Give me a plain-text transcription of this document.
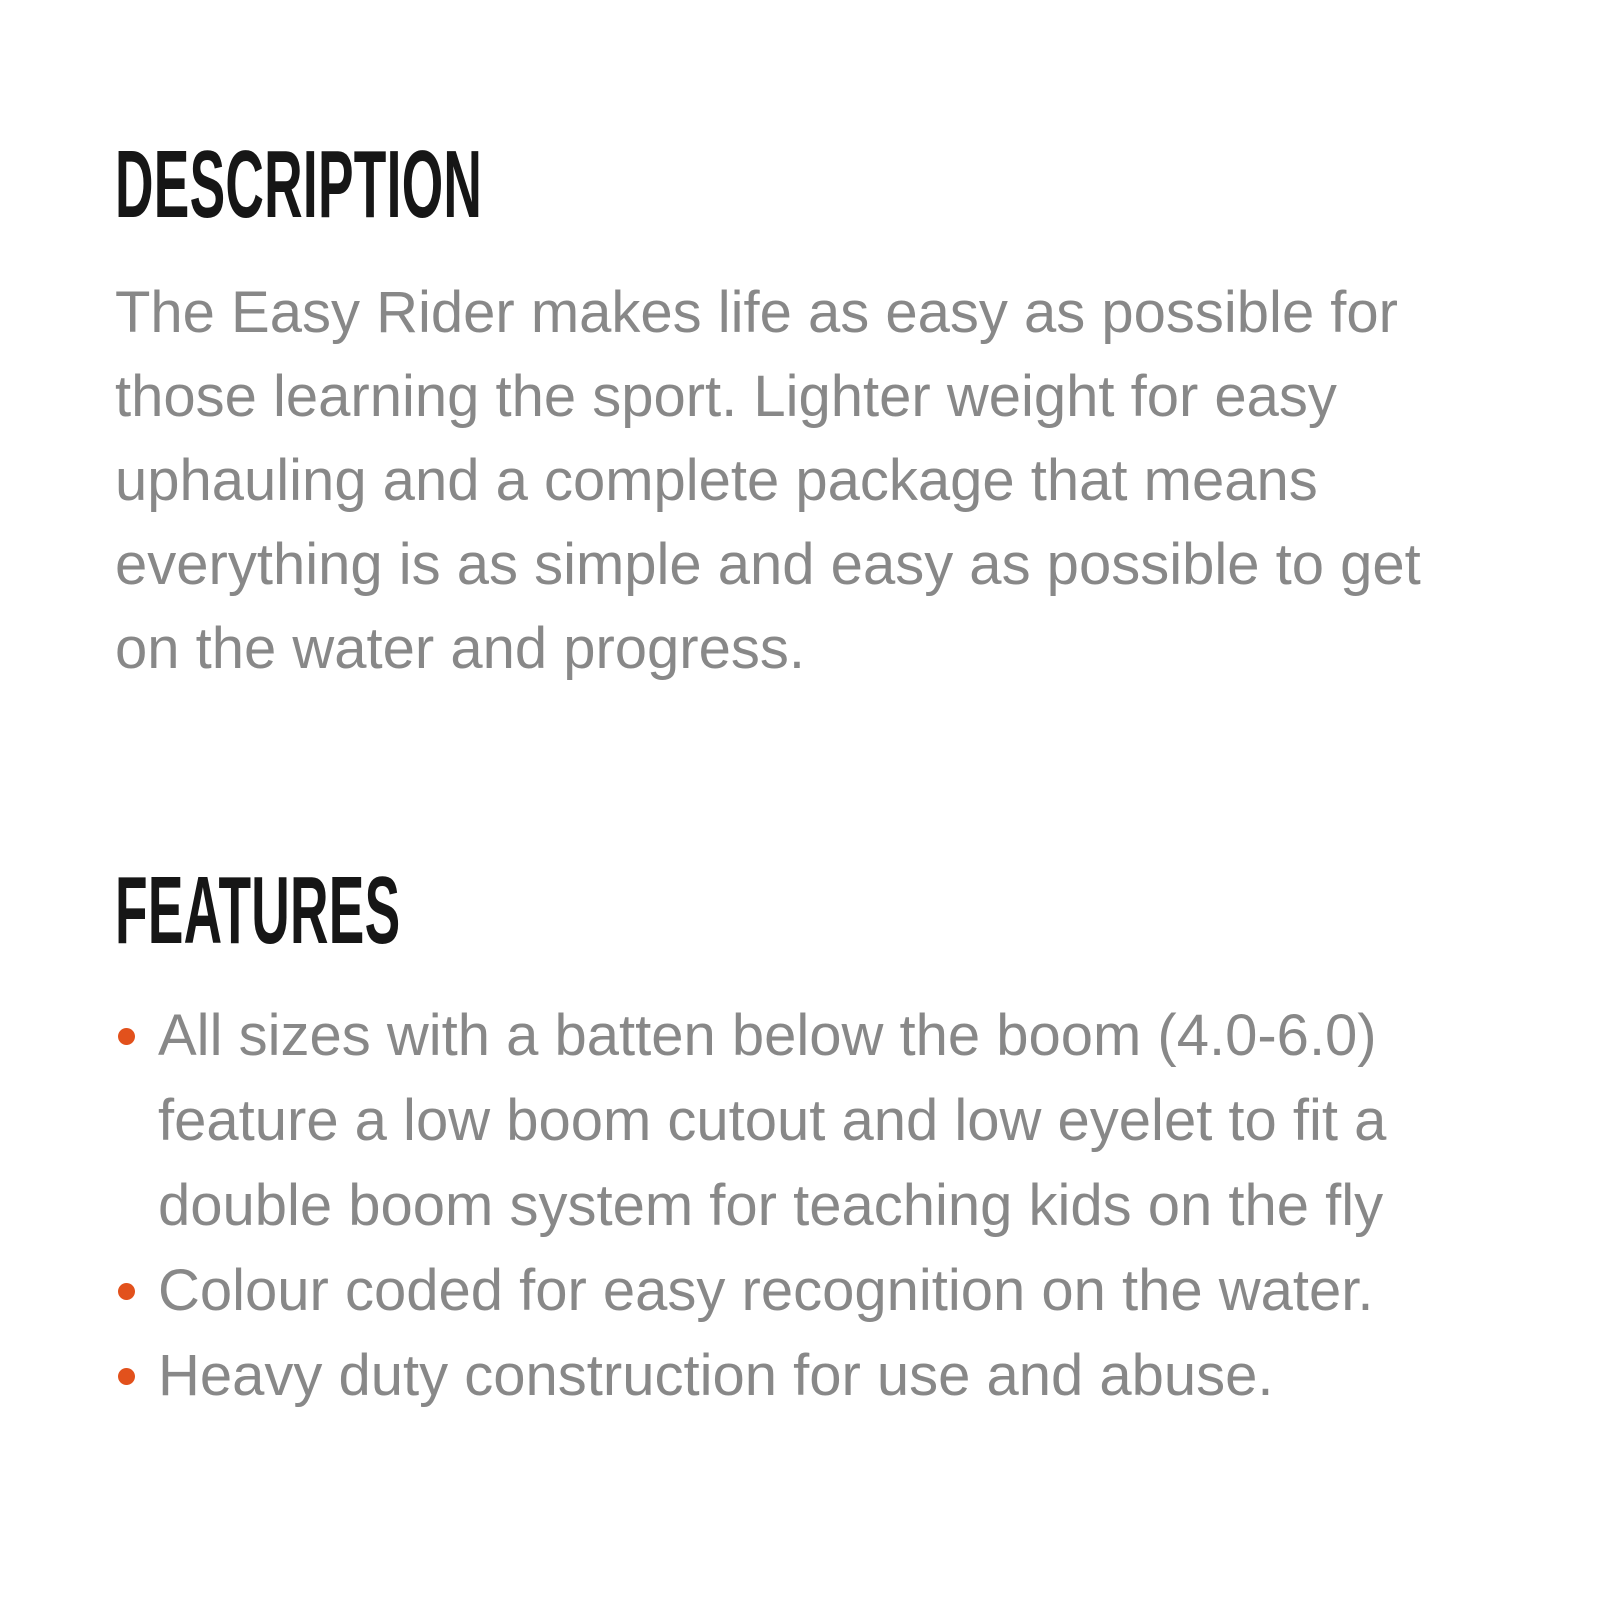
DESCRIPTION

The Easy Rider makes life as easy as possible for those learning the sport. Lighter weight for easy uphauling and a complete package that means everything is as simple and easy as possible to get on the water and progress.

FEATURES
All sizes with a batten below the boom (4.0-6.0) feature a low boom cutout and low eyelet to fit a double boom system for teaching kids on the fly
Colour coded for easy recognition on the water.
Heavy duty construction for use and abuse.
